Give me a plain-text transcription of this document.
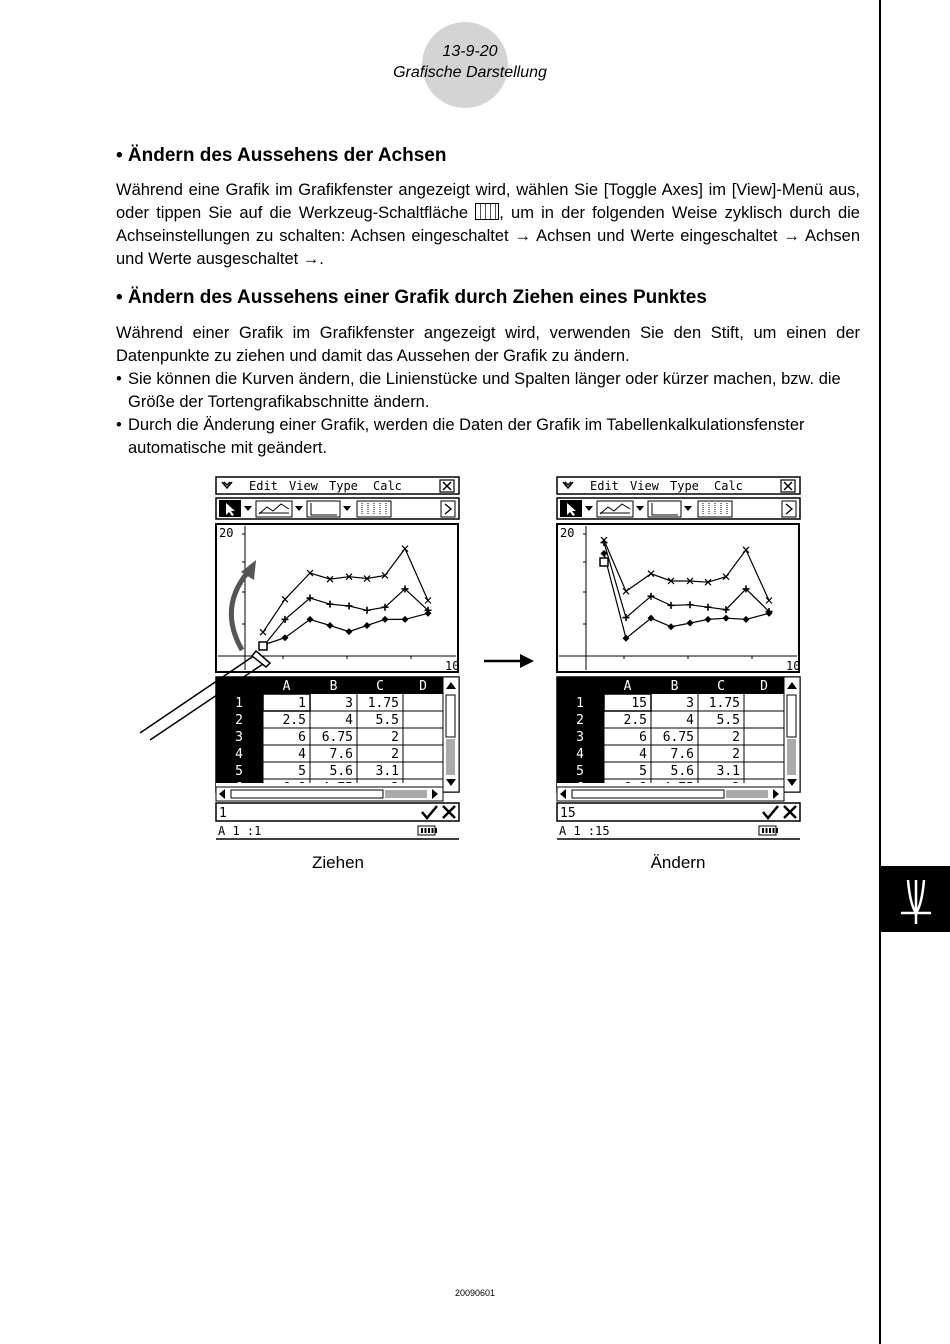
13-9-20
Grafische Darstellung
• Ändern des Aussehens der Achsen

Während eine Grafik im Grafikfenster angezeigt wird, wählen Sie [Toggle Axes] im [View]-Menü aus, oder tippen Sie auf die Werkzeug-Schaltfläche , um in der folgenden Weise zyklisch durch die Achseinstellungen zu schalten: Achsen eingeschaltet → Achsen und Werte eingeschaltet → Achsen und Werte ausgeschaltet →.

• Ändern des Aussehens einer Grafik durch Ziehen eines Punktes

Während einer Grafik im Grafikfenster angezeigt wird, verwenden Sie den Stift, um einen der Datenpunkte zu ziehen und damit das Aussehen der Grafik zu ändern.

• Sie können die Kurven ändern, die Linienstücke und Spalten länger oder kürzer machen, bzw. die Größe der Tortengrafikabschnitte ändern.

• Durch die Änderung einer Grafik, werden die Daten der Grafik im Tabellenkalkulationsfenster automatische mit geändert.

Edit View Type Calc
20
10
A	B	C	D
1	1	3 1.75
2	2.5	4 5.5
3	6 6.75	2
4	4 7.6	2
5	5 5.6 3.1
1
A 1 :1
Edit View Type Calc
20
10
A	B	C	D
1	15	3 1.75
2	2.5	4 5.5
3	6 6.75	2
4	4 7.6	2
5	5 5.6 3.1
15
A 1 :15
Ziehen	Ändern
20090601
